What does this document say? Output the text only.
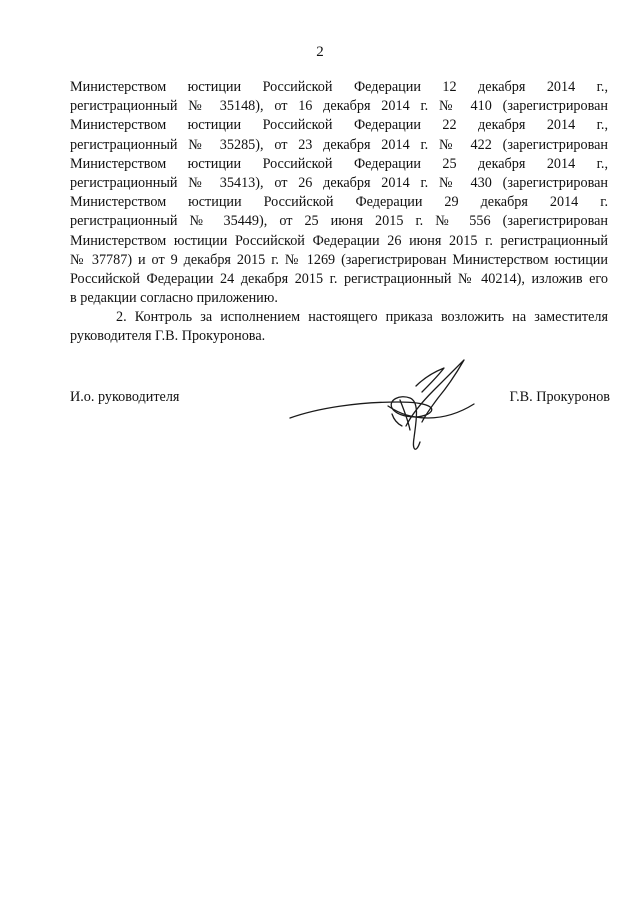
2
Министерством юстиции Российской Федерации 12 декабря 2014 г.,
регистрационный № 35148), от 16 декабря 2014 г. № 410 (зарегистрирован
Министерством юстиции Российской Федерации 22 декабря 2014 г.,
регистрационный № 35285), от 23 декабря 2014 г. № 422 (зарегистрирован
Министерством юстиции Российской Федерации 25 декабря 2014 г.,
регистрационный № 35413), от 26 декабря 2014 г. № 430 (зарегистрирован
Министерством юстиции Российской Федерации 29 декабря 2014 г.
регистрационный № 35449), от 25 июня 2015 г. № 556 (зарегистрирован
Министерством юстиции Российской Федерации 26 июня 2015 г. регистрационный
№ 37787) и от 9 декабря 2015 г. № 1269 (зарегистрирован Министерством юстиции
Российской Федерации 24 декабря 2015 г. регистрационный № 40214), изложив его
в редакции согласно приложению.
2. Контроль за исполнением настоящего приказа возложить на заместителя
руководителя Г.В. Прокуронова.
И.о. руководителя	Г.В. Прокуронов
